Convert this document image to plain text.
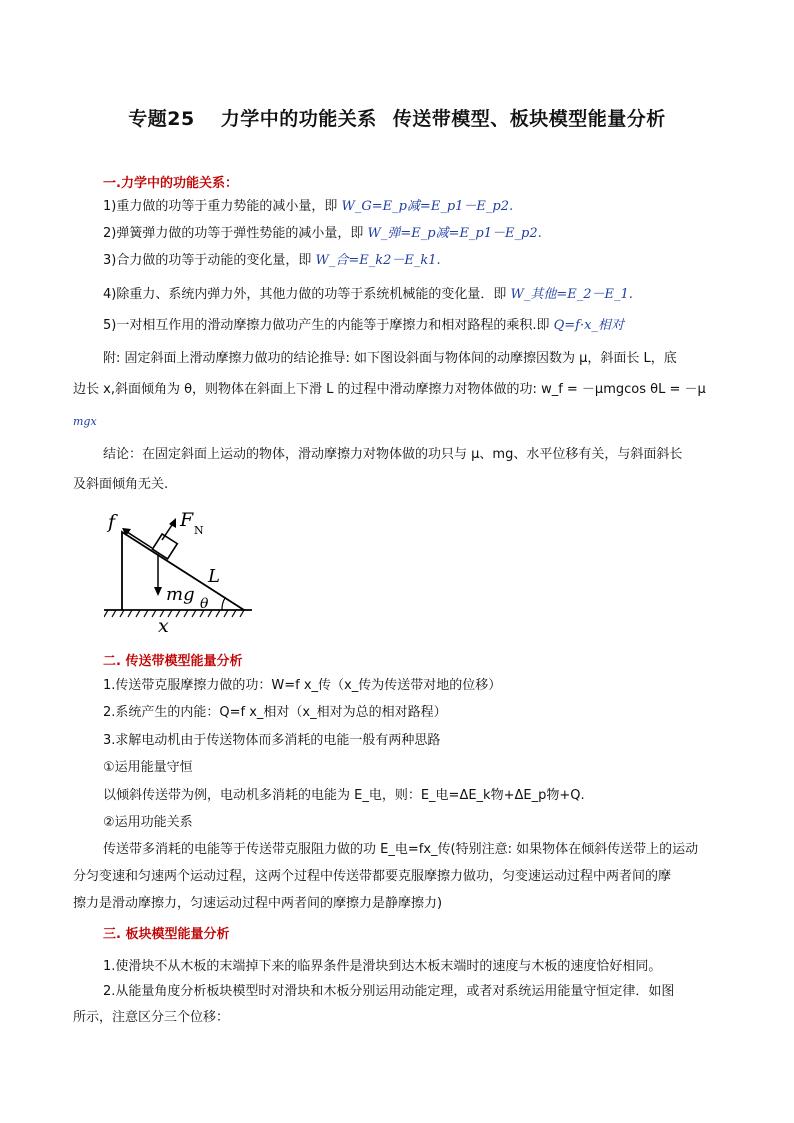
专题25 力学中的功能关系 传送带模型、板块模型能量分析
一.力学中的功能关系：
1)重力做的功等于重力势能的减小量，即 W_G=E_p减=E_p1－E_p2.
2)弹簧弹力做的功等于弹性势能的减小量，即 W_弹=E_p减=E_p1－E_p2.
3)合力做的功等于动能的变化量，即 W_合=E_k2－E_k1.
4)除重力、系统内弹力外，其他力做的功等于系统机械能的变化量．即 W_其他=E_2－E_1.
5)一对相互作用的滑动摩擦力做功产生的内能等于摩擦力和相对路程的乘积.即 Q=f·x_相对
附: 固定斜面上滑动摩擦力做功的结论推导: 如下图设斜面与物体间的动摩擦因数为 μ，斜面长 L，底
边长 x,斜面倾角为 θ，则物体在斜面上下滑 L 的过程中滑动摩擦力对物体做的功: w_f = －μmgcos θL = －μ
mgx
结论：在固定斜面上运动的物体，滑动摩擦力对物体做的功只与 μ、mg、水平位移有关，与斜面斜长
及斜面倾角无关.
f	F N
mg
L
θ
x
二. 传送带模型能量分析
1.传送带克服摩擦力做的功：W=f x_传（x_传为传送带对地的位移）
2.系统产生的内能：Q=f x_相对（x_相对为总的相对路程）
3.求解电动机由于传送物体而多消耗的电能一般有两种思路
①运用能量守恒
以倾斜传送带为例，电动机多消耗的电能为 E_电，则：E_电=ΔE_k物+ΔE_p物+Q.
②运用功能关系
传送带多消耗的电能等于传送带克服阻力做的功 E_电=fx_传(特别注意: 如果物体在倾斜传送带上的运动
分匀变速和匀速两个运动过程，这两个过程中传送带都要克服摩擦力做功，匀变速运动过程中两者间的摩
擦力是滑动摩擦力，匀速运动过程中两者间的摩擦力是静摩擦力)
三. 板块模型能量分析
1.使滑块不从木板的末端掉下来的临界条件是滑块到达木板末端时的速度与木板的速度恰好相同。
2.从能量角度分析板块模型时对滑块和木板分别运用动能定理，或者对系统运用能量守恒定律．如图
所示，注意区分三个位移：
